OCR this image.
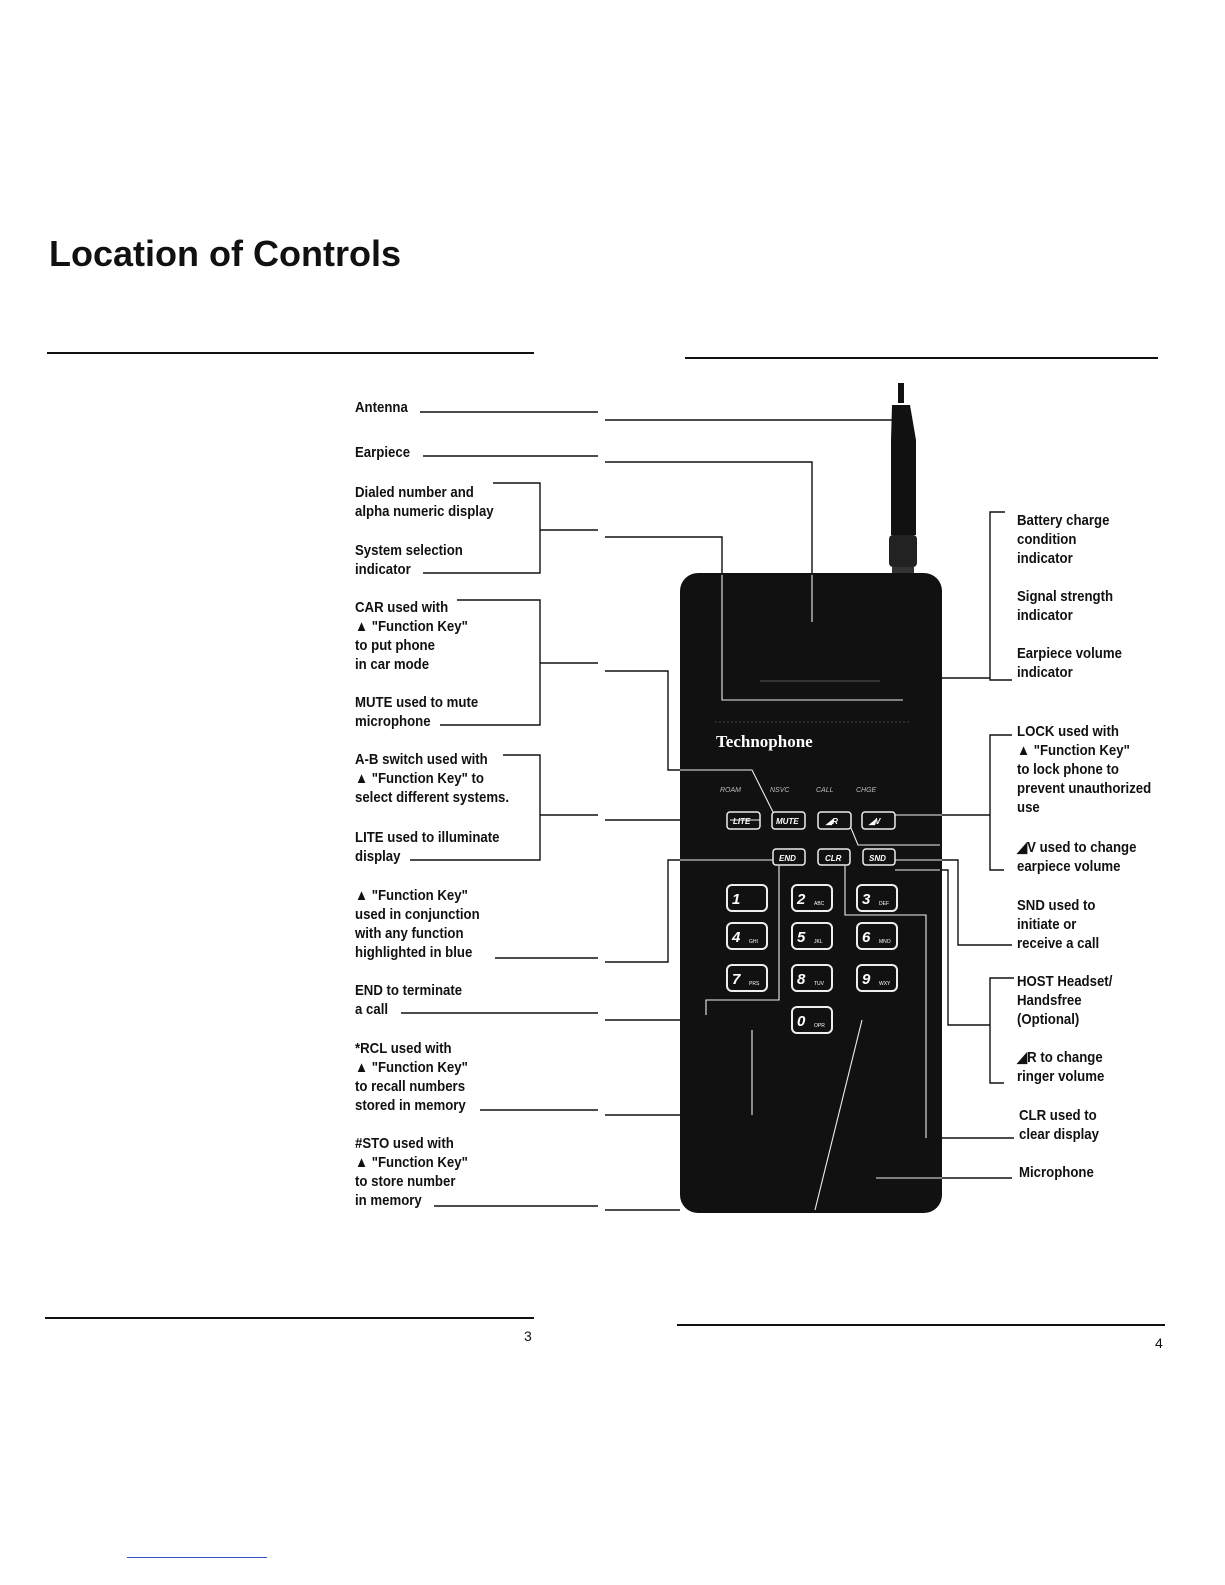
Location of Controls
3	4
Technophone
ROAM	NSVC	CALL	CHGE
LITE	MUTE	◢R	◢V
END	CLR	SND
1	2 ABC	3 DEF
4 GHI	5 JKL	6 MNO
7 PRS	8 TUV	9 WXY
0 OPR
Antenna
Earpiece
Dialed number and
alpha numeric display
System selection
indicator
CAR used with
▲ "Function Key"
to put phone
in car mode
MUTE used to mute
microphone
A-B switch used with
▲ "Function Key" to
select different systems.
LITE used to illuminate
display
▲ "Function Key"
used in conjunction
with any function
highlighted in blue
END to terminate
a call
*RCL used with
▲ "Function Key"
to recall numbers
stored in memory
#STO used with
▲ "Function Key"
to store number
in memory
Battery charge
condition
indicator
Signal strength
indicator
Earpiece volume
indicator
LOCK used with
▲ "Function Key"
to lock phone to
prevent unauthorized
use
◢V used to change
earpiece volume
SND used to
initiate or
receive a call
HOST Headset/
Handsfree
(Optional)
◢R to change
ringer volume
CLR used to
clear display
Microphone
